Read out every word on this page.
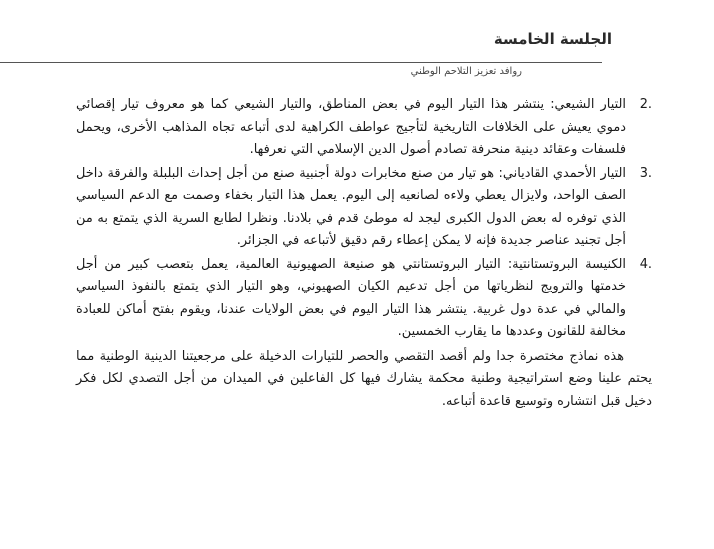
الجلسة الخامسة
روافد تعزيز التلاحم الوطني
2.
التيار الشيعي: ينتشر هذا التيار اليوم في بعض المناطق، والتيار الشيعي كما هو معروف تيار إقصائي دموي يعيش على الخلافات التاريخية لتأجيج عواطف الكراهية لدى أتباعه تجاه المذاهب الأخرى، ويحمل فلسفات وعقائد دينية منحرفة تصادم أصول الدين الإسلامي التي نعرفها.
3.
التيار الأحمدي القادياني: هو تيار من صنع مخابرات دولة أجنبية صنع من أجل إحداث البلبلة والفرقة داخل الصف الواحد، ولايزال يعطي ولاءه لصانعيه إلى اليوم. يعمل هذا التيار بخفاء وصمت مع الدعم السياسي الذي توفره له بعض الدول الكبرى ليجد له موطئ قدم في بلادنا. ونظرا لطابع السرية الذي يتمتع به من أجل تجنيد عناصر جديدة فإنه لا يمكن إعطاء رقم دقيق لأتباعه في الجزائر.
4.
الكنيسة البروتستانتية: التيار البروتستانتي هو صنيعة الصهيونية العالمية، يعمل بتعصب كبير من أجل خدمتها والترويج لنظرياتها من أجل تدعيم الكيان الصهيوني، وهو التيار الذي يتمتع بالنفوذ السياسي والمالي في عدة دول غربية. ينتشر هذا التيار اليوم في بعض الولايات عندنا، ويقوم بفتح أماكن للعبادة مخالفة للقانون وعددها ما يقارب الخمسين.

هذه نماذج مختصرة جدا ولم أقصد التقصي والحصر للتيارات الدخيلة على مرجعيتنا الدينية الوطنية مما يحتم علينا وضع استراتيجية وطنية محكمة يشارك فيها كل الفاعلين في الميدان من أجل التصدي لكل فكر دخيل قبل انتشاره وتوسيع قاعدة أتباعه.
